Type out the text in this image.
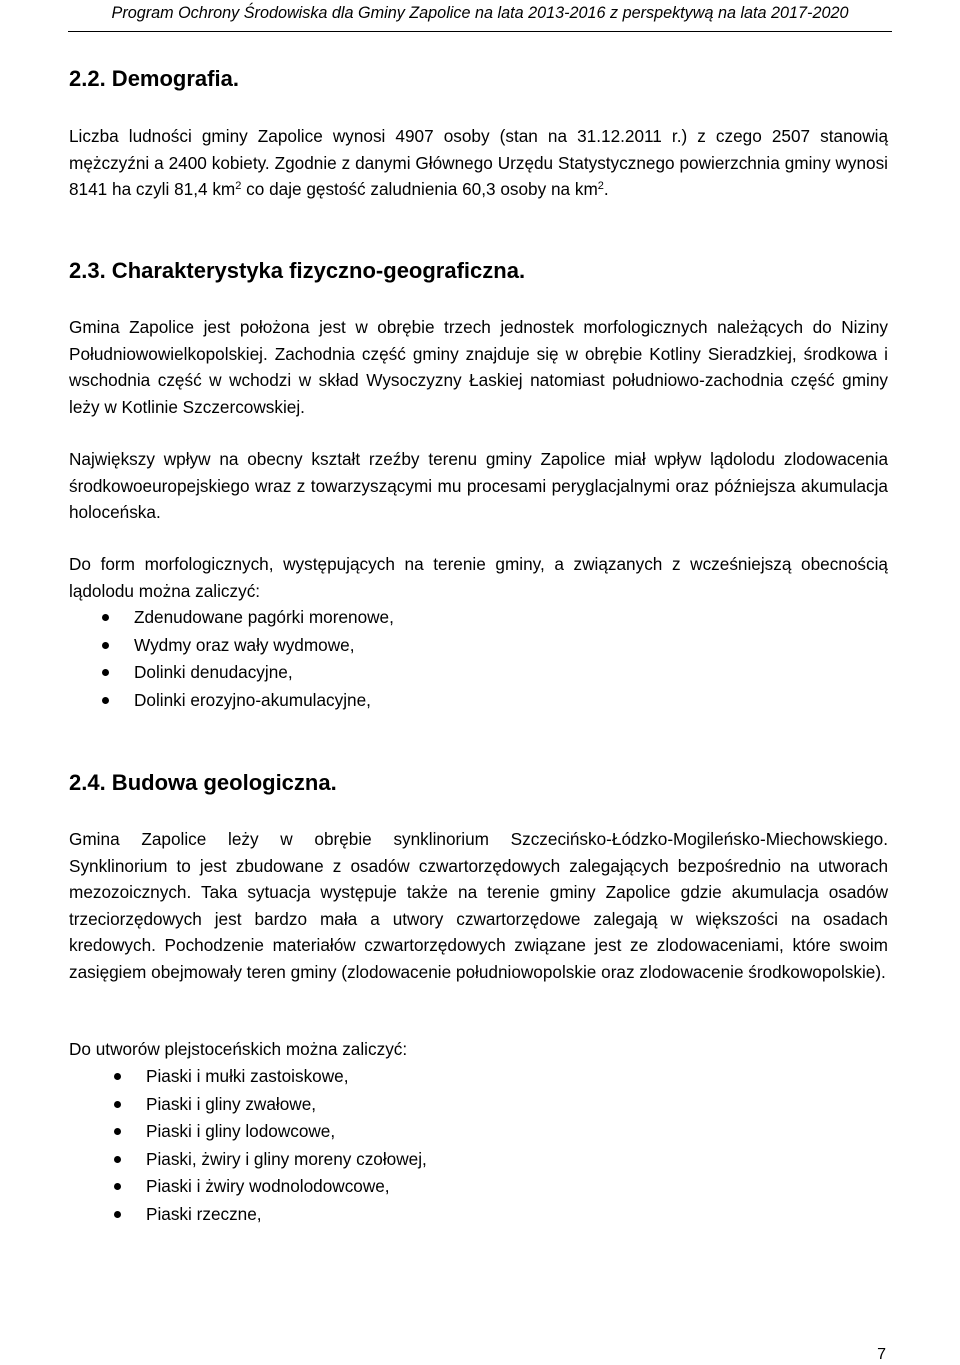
Program Ochrony Środowiska dla Gminy Zapolice na lata 2013-2016 z perspektywą na lata 2017-2020
2.2. Demografia.

Liczba ludności gminy Zapolice wynosi 4907 osoby (stan na 31.12.2011 r.) z czego 2507 stanowią mężczyźni a 2400 kobiety. Zgodnie z danymi Głównego Urzędu Statystycznego powierzchnia gminy wynosi 8141 ha czyli 81,4 $km^2$ co daje gęstość zaludnienia 60,3 osoby na $km^2$.

2.3. Charakterystyka fizyczno-geograficzna.

Gmina Zapolice jest położona jest w obrębie trzech jednostek morfologicznych należących do Niziny Południowowielkopolskiej. Zachodnia część gminy znajduje się w obrębie Kotliny Sieradzkiej, środkowa i wschodnia część w wchodzi w skład Wysoczyzny Łaskiej natomiast południowo-zachodnia część gminy leży w Kotlinie Szczercowskiej.

Największy wpływ na obecny kształt rzeźby terenu gminy Zapolice miał wpływ lądolodu zlodowacenia środkowoeuropejskiego wraz z towarzyszącymi mu procesami peryglacjalnymi oraz późniejsza akumulacja holoceńska.

Do form morfologicznych, występujących na terenie gminy, a związanych z wcześniejszą obecnością lądolodu można zaliczyć:

Zdenudowane pagórki morenowe,
Wydmy oraz wały wydmowe,
Dolinki denudacyjne,
Dolinki erozyjno-akumulacyjne,
2.4. Budowa geologiczna.

Gmina Zapolice leży w obrębie synklinorium Szczecińsko-Łódzko-Mogileńsko-Miechowskiego. Synklinorium to jest zbudowane z osadów czwartorzędowych zalegających bezpośrednio na utworach mezozoicznych. Taka sytuacja występuje także na terenie gminy Zapolice gdzie akumulacja osadów trzeciorzędowych jest bardzo mała a utwory czwartorzędowe zalegają w większości na osadach kredowych. Pochodzenie materiałów czwartorzędowych związane jest ze zlodowaceniami, które swoim zasięgiem obejmowały teren gminy (zlodowacenie południowopolskie oraz zlodowacenie środkowopolskie).

Do utworów plejstoceńskich można zaliczyć:

Piaski i mułki zastoiskowe,
Piaski i gliny zwałowe,
Piaski i gliny lodowcowe,
Piaski, żwiry i gliny moreny czołowej,
Piaski i żwiry wodnolodowcowe,
Piaski rzeczne,
7
